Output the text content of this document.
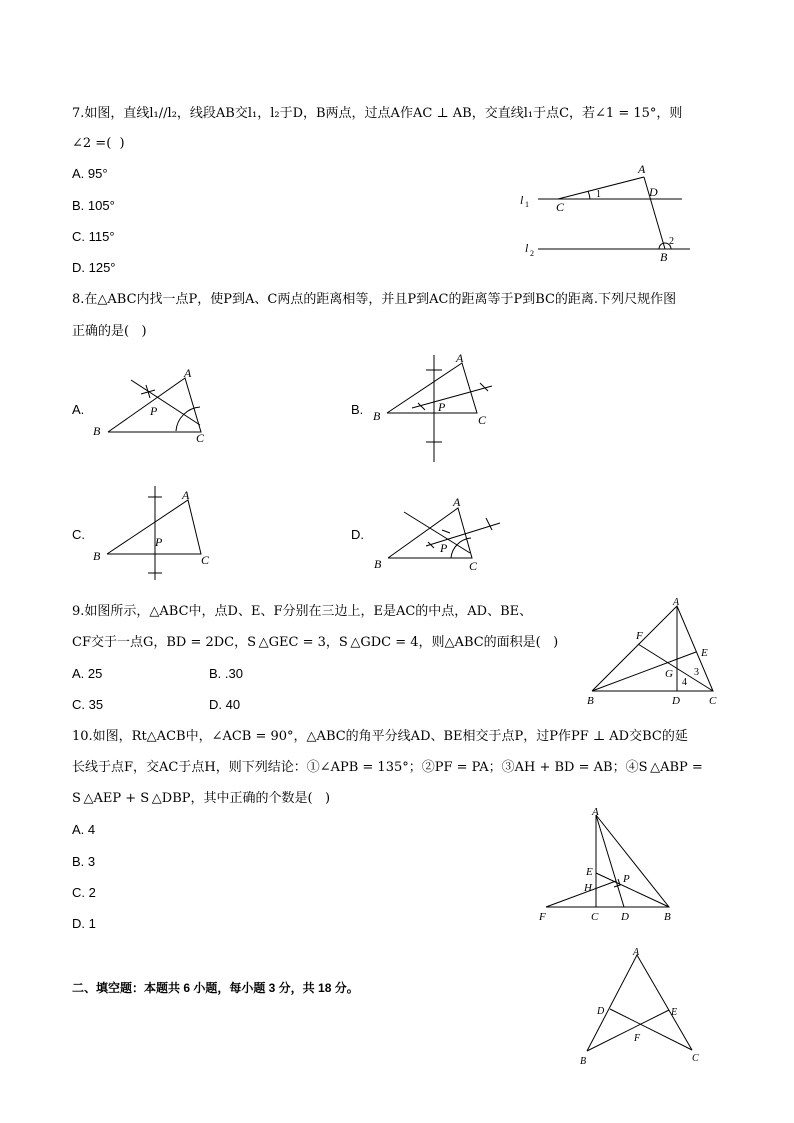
7.如图，直线l₁//l₂，线段AB交l₁，l₂于D，B两点，过点A作AC ⊥ AB，交直线l₁于点C，若∠1 = 15°，则
∠2 =(  )
A. 95°
B. 105°
C. 115°
D. 125°
A
D
C
1
2
B
l 1
l 2
8.在△ABC内找一点P，使P到A、C两点的距离相等，并且P到AC的距离等于P到BC的距离.下列尺规作图
正确的是(   )
A.
A
P
B	C
B.
A
P
B	C
C.
A
P
B	C
D.
A
P
B	C
9.如图所示，△ABC中，点D、E、F分别在三边上，E是AC的中点，AD、BE、
CF交于一点G，BD = 2DC，S △GEC = 3，S △GDC = 4，则△ABC的面积是(   )
A. 25	B. .30
C. 35	D. 40
A
F
E
G 3
4
B	D	C
10.如图，Rt△ACB中，∠ACB = 90°，△ABC的角平分线AD、BE相交于点P，过P作PF ⊥ AD交BC的延
长线于点F，交AC于点H，则下列结论：①∠APB = 135°；②PF = PA；③AH + BD = AB；④S △ABP =
S △AEP + S △DBP，其中正确的个数是(   )
A. 4
B. 3
C. 2
D. 1
A
E
P
H
F	C D	B
二、填空题：本题共 6 小题，每小题 3 分，共 18 分。
A
D	E
F
B	C
